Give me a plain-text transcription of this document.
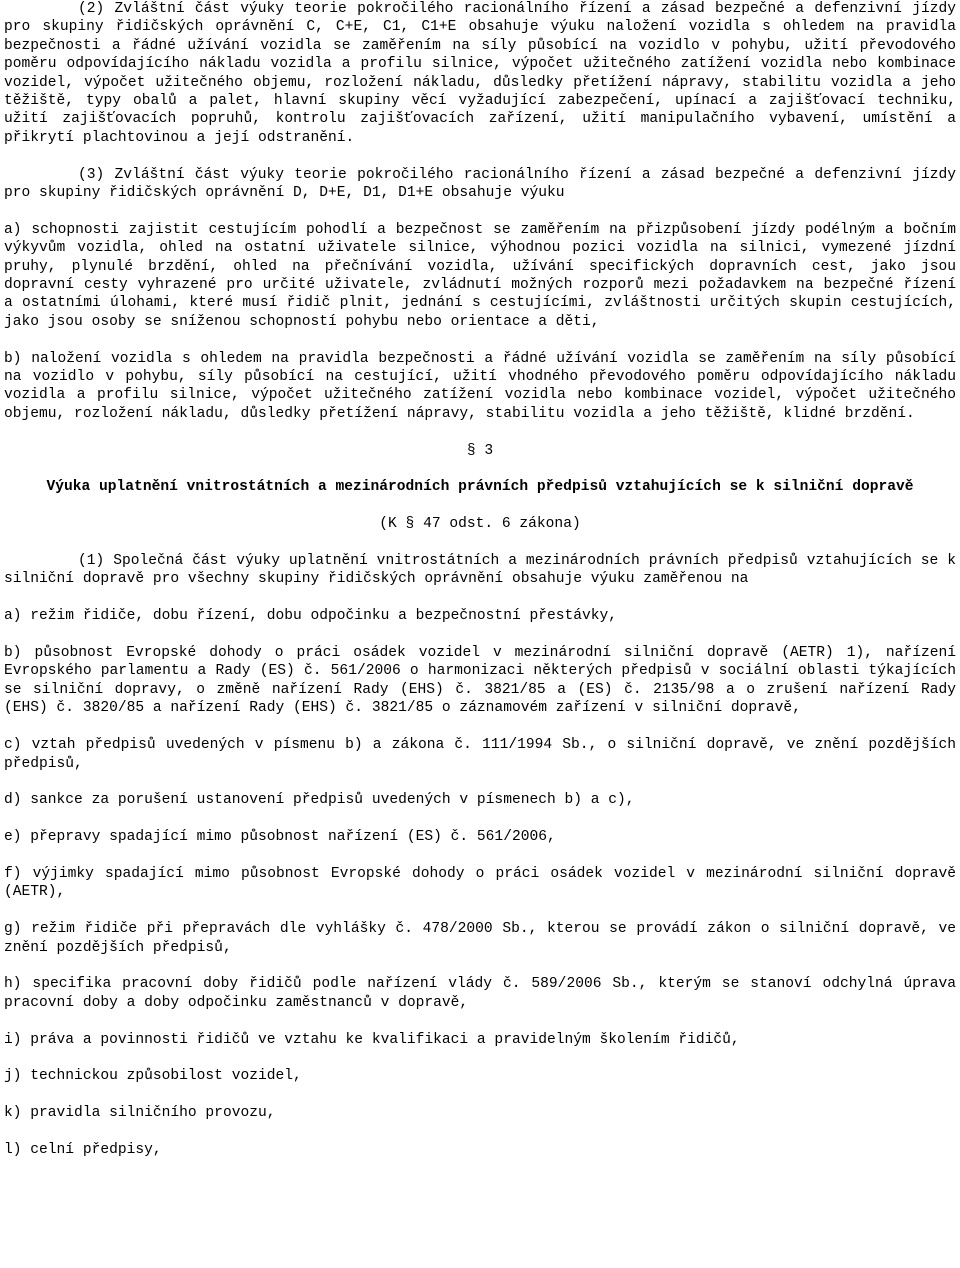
(2) Zvláštní část výuky teorie pokročilého racionálního řízení a zásad bezpečné a defenzivní jízdy pro skupiny řidičských oprávnění C, C+E, C1, C1+E obsahuje výuku naložení vozidla s ohledem na pravidla bezpečnosti a řádné užívání vozidla se zaměřením na síly působící na vozidlo v pohybu, užití převodového poměru odpovídajícího nákladu vozidla a profilu silnice, výpočet užitečného zatížení vozidla nebo kombinace vozidel, výpočet užitečného objemu, rozložení nákladu, důsledky přetížení nápravy, stabilitu vozidla a jeho těžiště, typy obalů a palet, hlavní skupiny věcí vyžadující zabezpečení, upínací a zajišťovací techniku, užití zajišťovacích popruhů, kontrolu zajišťovacích zařízení, užití manipulačního vybavení, umístění a přikrytí plachtovinou a její odstranění.

(3) Zvláštní část výuky teorie pokročilého racionálního řízení a zásad bezpečné a defenzivní jízdy pro skupiny řidičských oprávnění D, D+E, D1, D1+E obsahuje výuku

a) schopnosti zajistit cestujícím pohodlí a bezpečnost se zaměřením na přizpůsobení jízdy podélným a bočním výkyvům vozidla, ohled na ostatní uživatele silnice, výhodnou pozici vozidla na silnici, vymezené jízdní pruhy, plynulé brzdění, ohled na přečnívání vozidla, užívání specifických dopravních cest, jako jsou dopravní cesty vyhrazené pro určité uživatele, zvládnutí možných rozporů mezi požadavkem na bezpečné řízení a ostatními úlohami, které musí řidič plnit, jednání s cestujícími, zvláštnosti určitých skupin cestujících, jako jsou osoby se sníženou schopností pohybu nebo orientace a děti,

b) naložení vozidla s ohledem na pravidla bezpečnosti a řádné užívání vozidla se zaměřením na síly působící na vozidlo v pohybu, síly působící na cestující, užití vhodného převodového poměru odpovídajícího nákladu vozidla a profilu silnice, výpočet užitečného zatížení vozidla nebo kombinace vozidel, výpočet užitečného objemu, rozložení nákladu, důsledky přetížení nápravy, stabilitu vozidla a jeho těžiště, klidné brzdění.

§ 3

Výuka uplatnění vnitrostátních a mezinárodních právních předpisů vztahujících se k silniční dopravě

(K § 47 odst. 6 zákona)

(1) Společná část výuky uplatnění vnitrostátních a mezinárodních právních předpisů vztahujících se k silniční dopravě pro všechny skupiny řidičských oprávnění obsahuje výuku zaměřenou na

a) režim řidiče, dobu řízení, dobu odpočinku a bezpečnostní přestávky,

b) působnost Evropské dohody o práci osádek vozidel v mezinárodní silniční dopravě (AETR) 1), nařízení Evropského parlamentu a Rady (ES) č. 561/2006 o harmonizaci některých předpisů v sociální oblasti týkajících se silniční dopravy, o změně nařízení Rady (EHS) č. 3821/85 a (ES) č. 2135/98 a o zrušení nařízení Rady (EHS) č. 3820/85 a nařízení Rady (EHS) č. 3821/85 o záznamovém zařízení v silniční dopravě,

c) vztah předpisů uvedených v písmenu b) a zákona č. 111/1994 Sb., o silniční dopravě, ve znění pozdějších předpisů,

d) sankce za porušení ustanovení předpisů uvedených v písmenech b) a c),

e) přepravy spadající mimo působnost nařízení (ES) č. 561/2006,

f) výjimky spadající mimo působnost Evropské dohody o práci osádek vozidel v mezinárodní silniční dopravě (AETR),

g) režim řidiče při přepravách dle vyhlášky č. 478/2000 Sb., kterou se provádí zákon o silniční dopravě, ve znění pozdějších předpisů,

h) specifika pracovní doby řidičů podle nařízení vlády č. 589/2006 Sb., kterým se stanoví odchylná úprava pracovní doby a doby odpočinku zaměstnanců v dopravě,

i) práva a povinnosti řidičů ve vztahu ke kvalifikaci a pravidelným školením řidičů,

j) technickou způsobilost vozidel,

k) pravidla silničního provozu,

l) celní předpisy,
